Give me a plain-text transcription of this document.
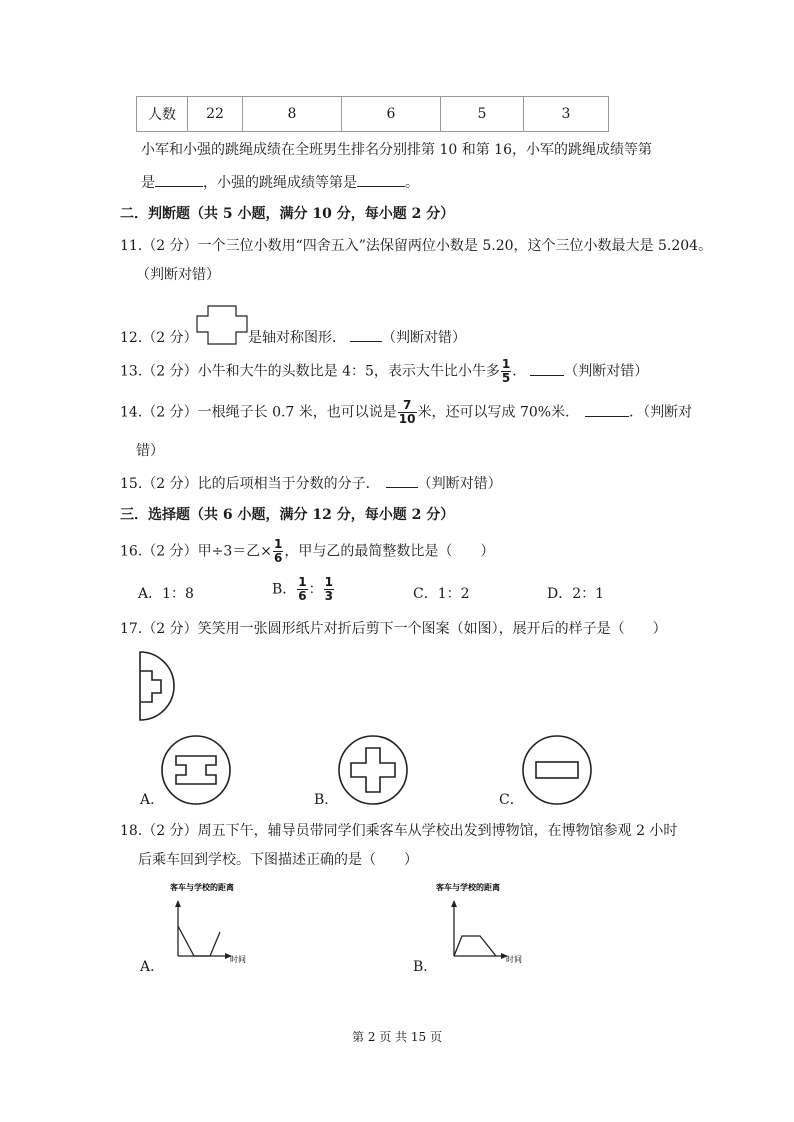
人数	22	8	6	5	3
小军和小强的跳绳成绩在全班男生排名分别排第 10 和第 16，小军的跳绳成绩等第
是	，小强的跳绳成绩等第是	。
二．判断题（共 5 小题，满分 10 分，每小题 2 分）
11.（2 分）一个三位小数用“四舍五入”法保留两位小数是 5.20，这个三位小数最大是 5.204。
（判断对错）
12.（2 分）	是轴对称图形．	（判断对错）
13.（2 分）小牛和大牛的头数比是 4：5，表示大牛比小牛多 $\frac{1}{5}$ ．	（判断对错）
14.（2 分）一根绳子长 0.7 米，也可以说是 $\frac{7}{10}$ 米，还可以写成 70%米．	．（判断对
错）
15.（2 分）比的后项相当于分数的分子．	（判断对错）
三．选择题（共 6 小题，满分 12 分，每小题 2 分）
16.（2 分）甲÷3＝乙× $\frac{1}{6}$ ，甲与乙的最简整数比是（　　）
A．1：8	B． $\frac{1}{6}$ ： $\frac{1}{3}$	C．1：2	D．2：1
17.（2 分）笑笑用一张圆形纸片对折后剪下一个图案（如图），展开后的样子是（　　）
A．	B．	C．
18.（2 分）周五下午，辅导员带同学们乘客车从学校出发到博物馆，在博物馆参观 2 小时
后乘车回到学校。下图描述正确的是（　　）
客车与学校的距离
时间
A．
客车与学校的距离
时间
B．
第 2 页 共 15 页
